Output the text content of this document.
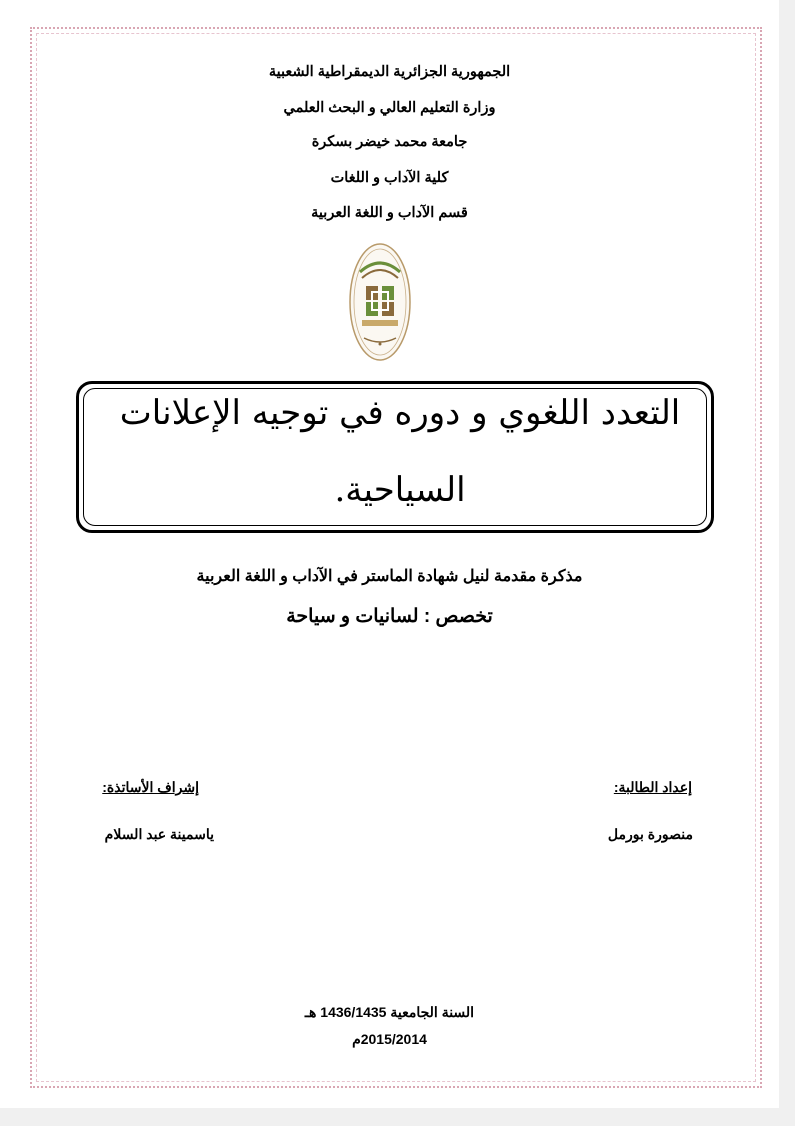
الجمهورية الجزائرية الديمقراطية الشعبية
وزارة التعليم العالي و البحث العلمي
جامعة محمد خيضر بسكرة
كلية الآداب و اللغات
قسم الآداب و اللغة العربية
التعدد اللغوي و دوره في توجيه الإعلانات
السياحية.
مذكرة مقدمة لنيل شهادة الماستر في الآداب و اللغة العربية
تخصص : لسانيات و سياحة
إعداد الطالبة:
منصورة بورمل
إشراف الأساتذة:
ياسمينة عبد السلام
السنة الجامعية 1436/1435 هـ
2015/2014م
